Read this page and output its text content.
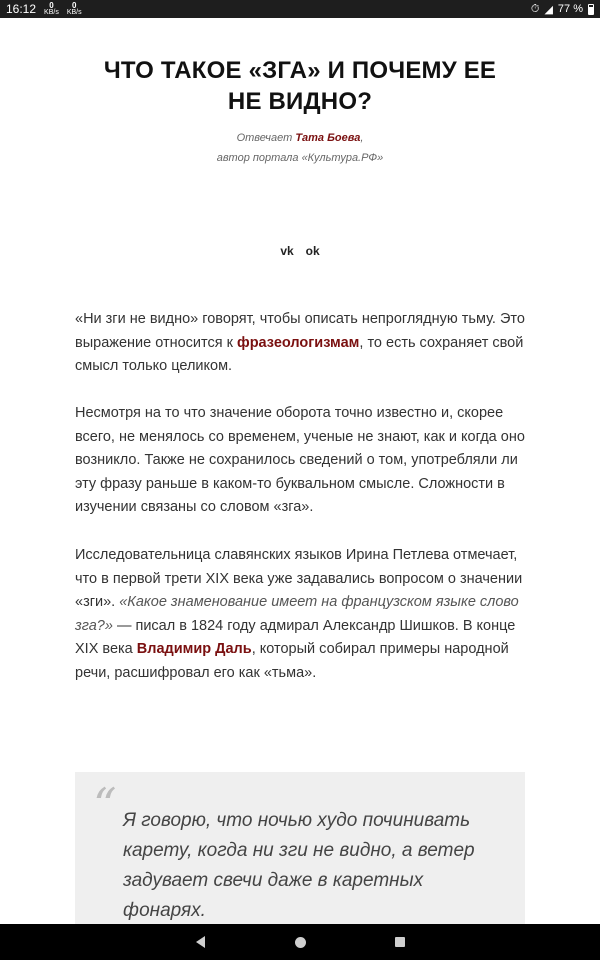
16:12 0
KB/s
0
KB/s	⏱ ◢ 77 %
ЧТО ТАКОЕ «ЗГА» И ПОЧЕМУ ЕЕ
НЕ ВИДНО?
Отвечает Тата Боева,
автор портала «Культура.РФ»
vk ok

«Ни зги не видно» говорят, чтобы описать непроглядную тьму. Это выражение относится к фразеологизмам, то есть сохраняет свой смысл только целиком.

Несмотря на то что значение оборота точно известно и, скорее всего, не менялось со временем, ученые не знают, как и когда оно возникло. Также не сохранилось сведений о том, употребляли ли эту фразу раньше в каком-то буквальном смысле. Сложности в изучении связаны со словом «зга».

Исследовательница славянских языков Ирина Петлева отмечает, что в первой трети XIX века уже задавались вопросом о значении «зги». «Какое знаменование имеет на французском языке слово зга?» — писал в 1824 году адмирал Александр Шишков. В конце XIX века Владимир Даль, который собирал примеры народной речи, расшифровал его как «тьма».

“ Я говорю, что ночью худо починивать карету, когда ни зги не видно, а ветер задувает свечи даже в каретных фонарях.
